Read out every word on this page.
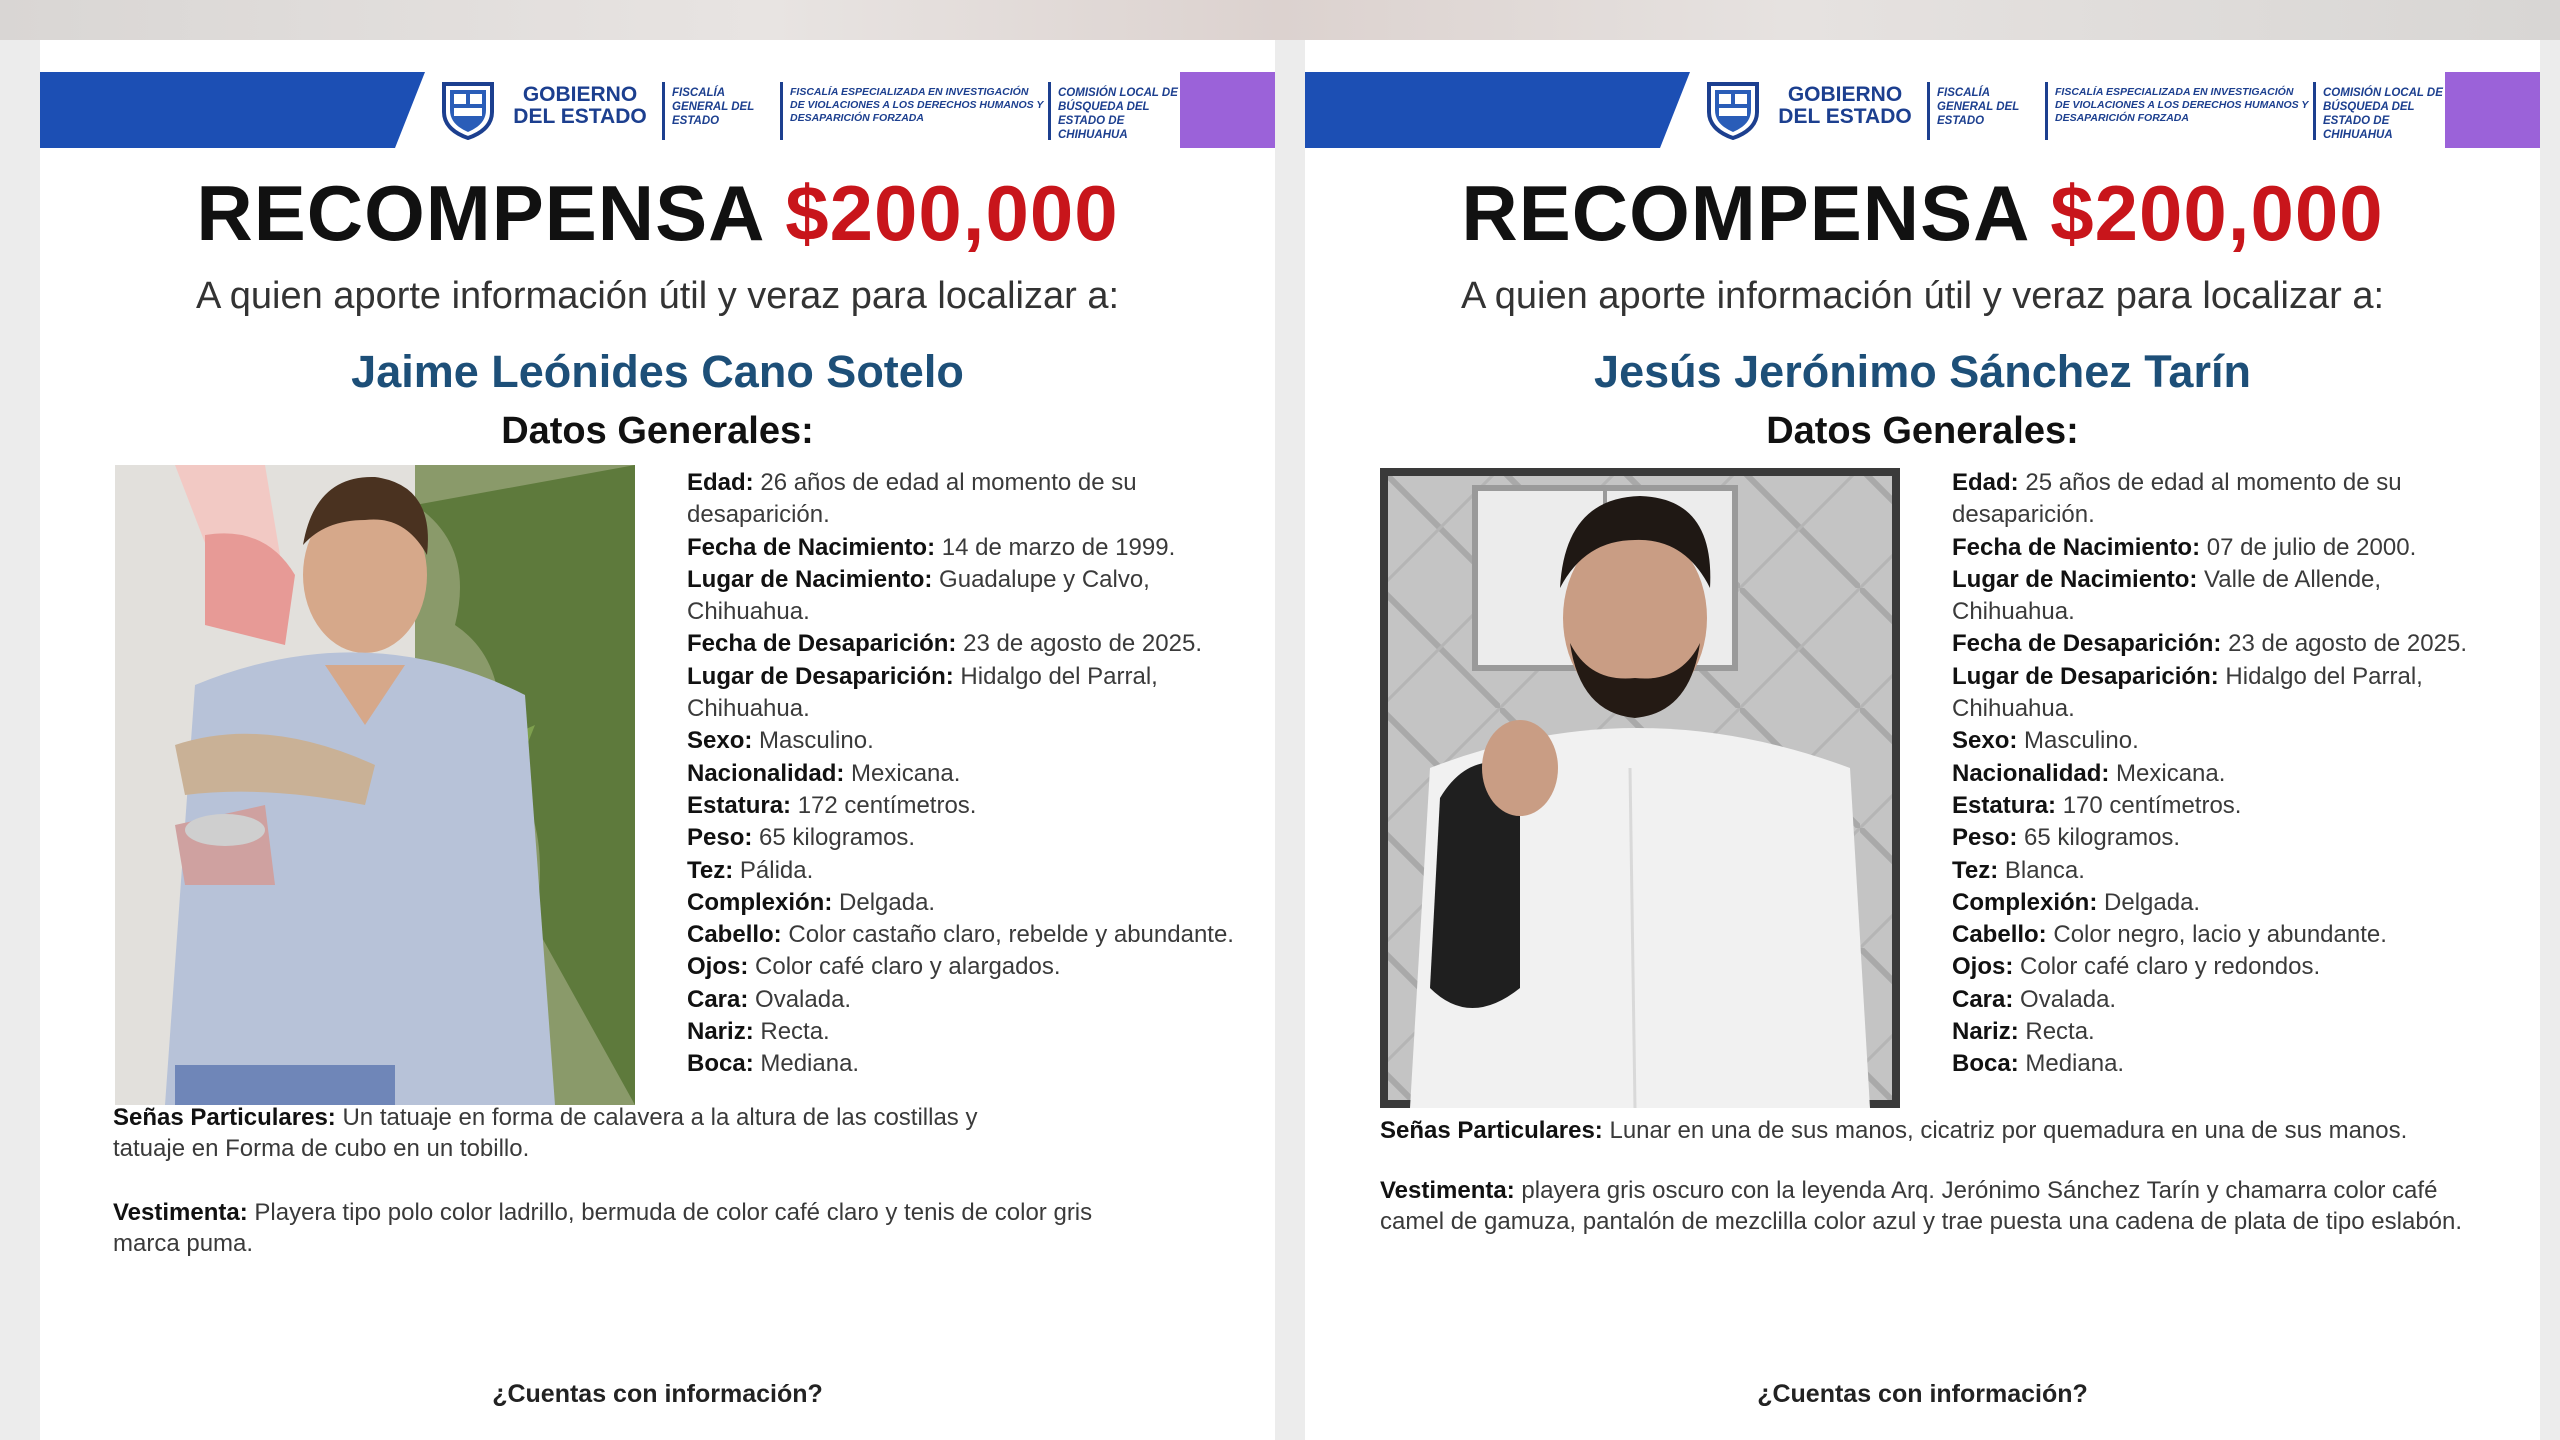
GOBIERNO DEL ESTADO
FISCALÍA GENERAL DEL ESTADO
FISCALÍA ESPECIALIZADA EN INVESTIGACIÓN DE VIOLACIONES A LOS DERECHOS HUMANOS Y DESAPARICIÓN FORZADA
COMISIÓN LOCAL DE BÚSQUEDA DEL ESTADO DE CHIHUAHUA
RECOMPENSA $200,000
A quien aporte información útil y veraz para localizar a:
Jaime Leónides Cano Sotelo
Datos Generales:
Edad: 26 años de edad al momento de su desaparición.
Fecha de Nacimiento: 14 de marzo de 1999.
Lugar de Nacimiento: Guadalupe y Calvo, Chihuahua.
Fecha de Desaparición: 23 de agosto de 2025.
Lugar de Desaparición: Hidalgo del Parral, Chihuahua.
Sexo: Masculino.
Nacionalidad: Mexicana.
Estatura: 172 centímetros.
Peso: 65 kilogramos.
Tez: Pálida.
Complexión: Delgada.
Cabello: Color castaño claro, rebelde y abundante.
Ojos: Color café claro y alargados.
Cara: Ovalada.
Nariz: Recta.
Boca: Mediana.
Señas Particulares: Un tatuaje en forma de calavera a la altura de las costillas y tatuaje en Forma de cubo en un tobillo.
Vestimenta: Playera tipo polo color ladrillo, bermuda de color café claro y tenis de color gris marca puma.
¿Cuentas con información?
GOBIERNO DEL ESTADO
FISCALÍA GENERAL DEL ESTADO
FISCALÍA ESPECIALIZADA EN INVESTIGACIÓN DE VIOLACIONES A LOS DERECHOS HUMANOS Y DESAPARICIÓN FORZADA
COMISIÓN LOCAL DE BÚSQUEDA DEL ESTADO DE CHIHUAHUA
RECOMPENSA $200,000
A quien aporte información útil y veraz para localizar a:
Jesús Jerónimo Sánchez Tarín
Datos Generales:
Edad: 25 años de edad al momento de su desaparición.
Fecha de Nacimiento: 07 de julio de 2000.
Lugar de Nacimiento: Valle de Allende, Chihuahua.
Fecha de Desaparición: 23 de agosto de 2025.
Lugar de Desaparición: Hidalgo del Parral, Chihuahua.
Sexo: Masculino.
Nacionalidad: Mexicana.
Estatura: 170 centímetros.
Peso: 65 kilogramos.
Tez: Blanca.
Complexión: Delgada.
Cabello: Color negro, lacio y abundante.
Ojos: Color café claro y redondos.
Cara: Ovalada.
Nariz: Recta.
Boca: Mediana.
Señas Particulares: Lunar en una de sus manos, cicatriz por quemadura en una de sus manos.
Vestimenta: playera gris oscuro con la leyenda Arq. Jerónimo Sánchez Tarín y chamarra color café camel de gamuza, pantalón de mezclilla color azul y trae puesta una cadena de plata de tipo eslabón.
¿Cuentas con información?
